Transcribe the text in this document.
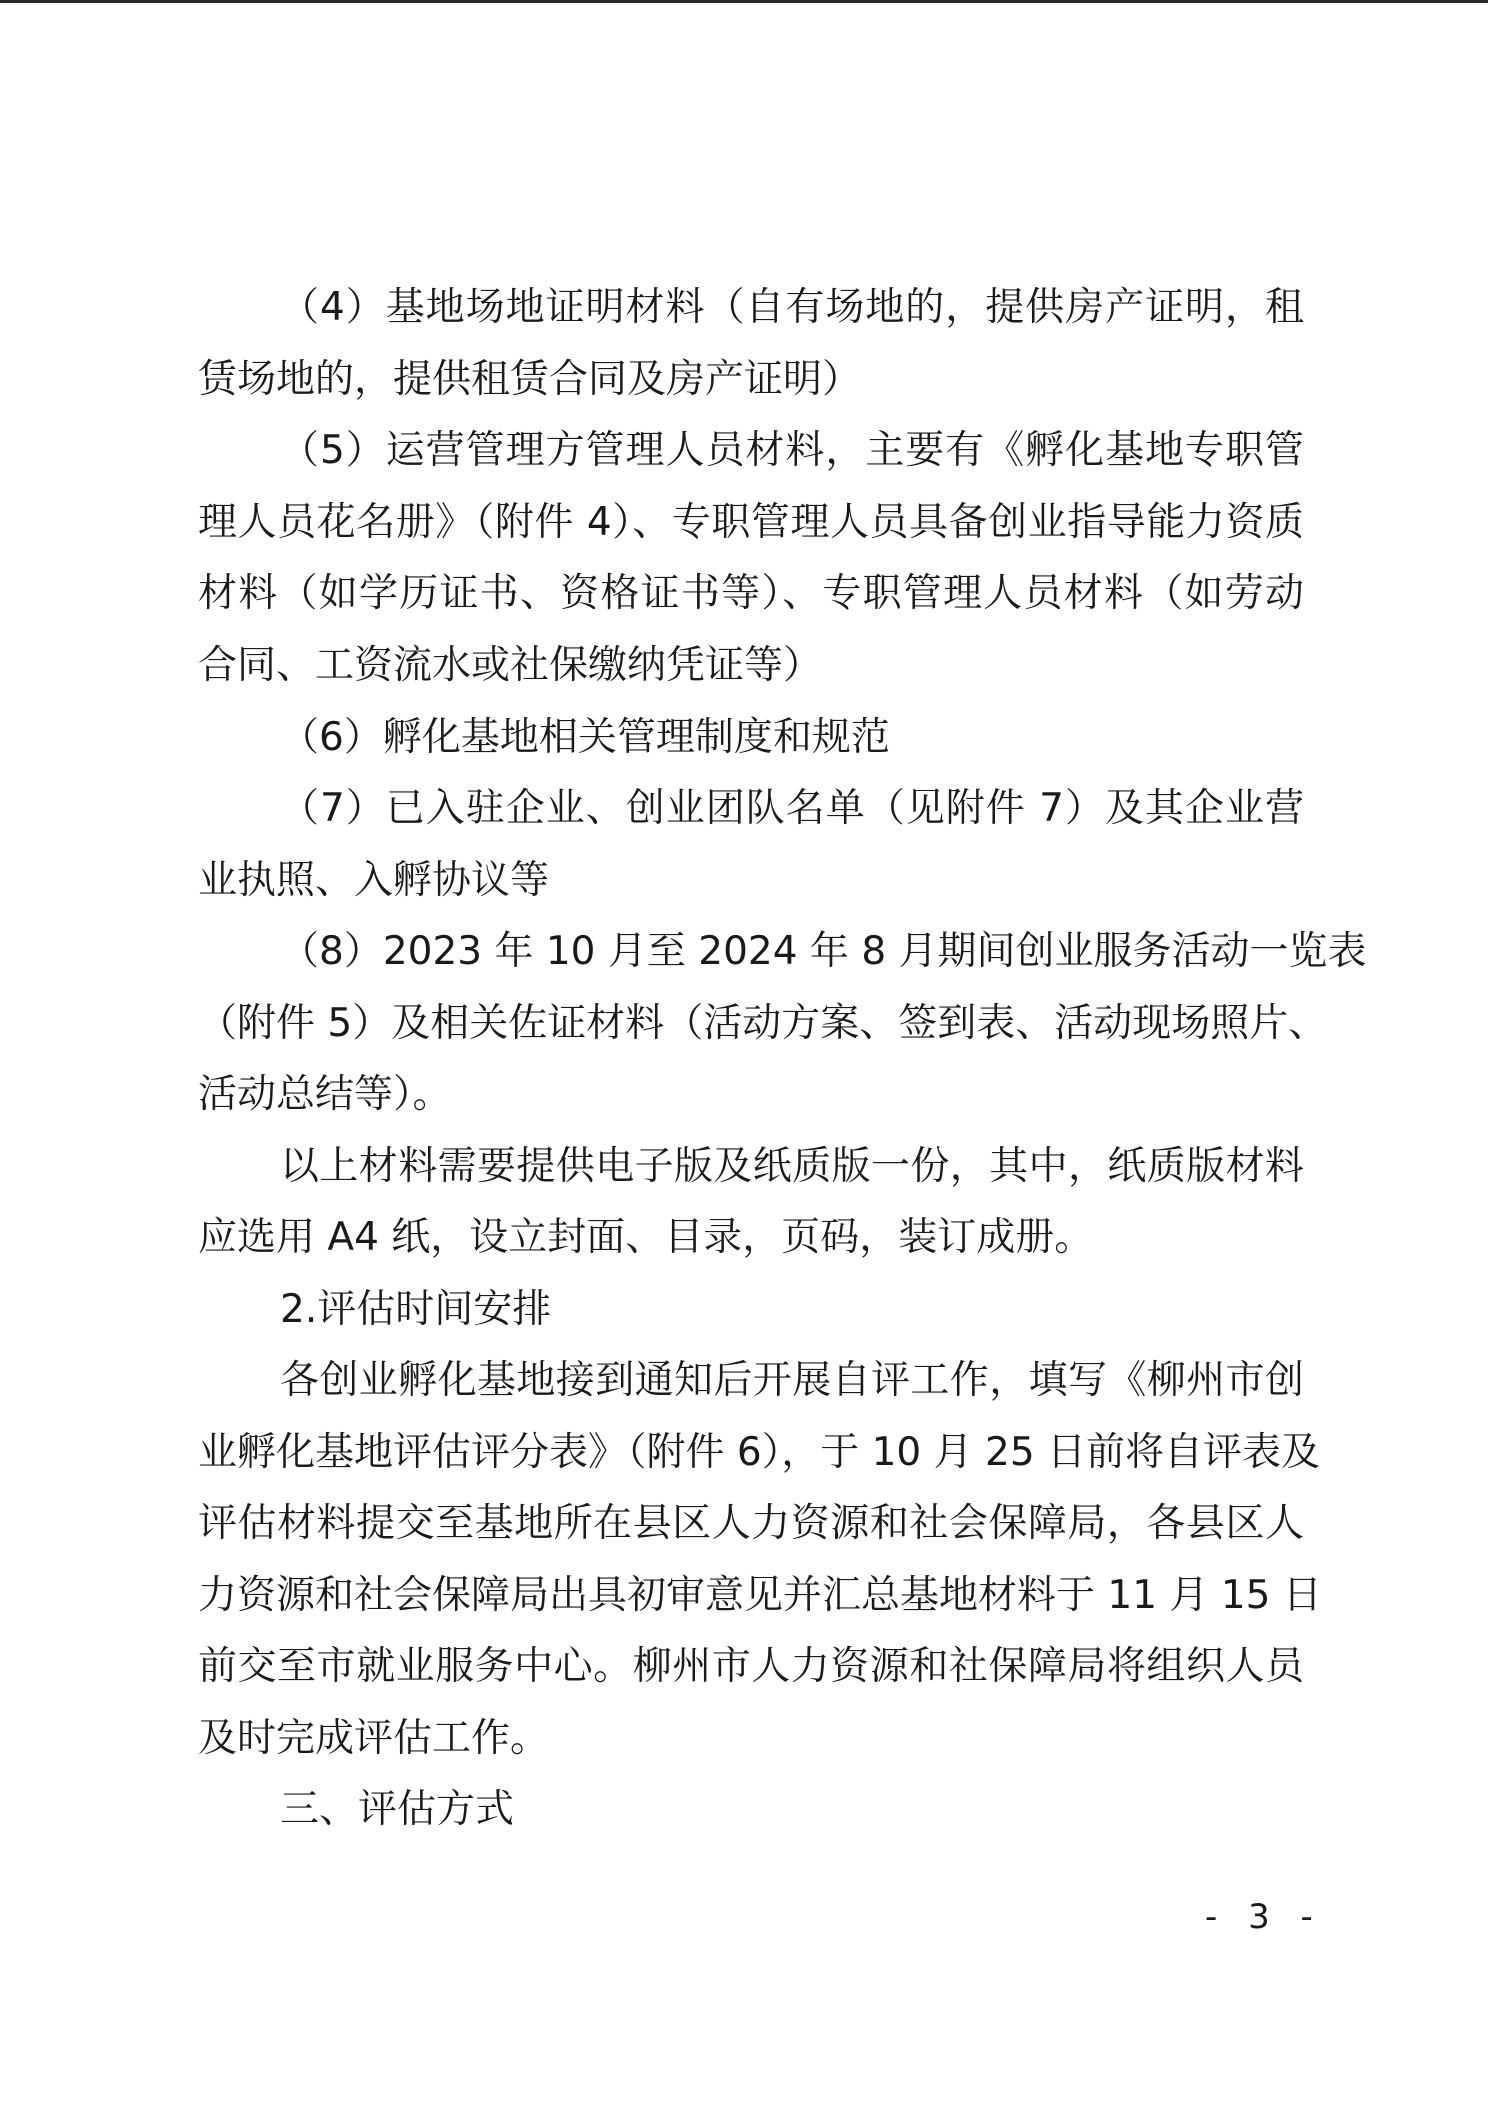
（4）基地场地证明材料（自有场地的，提供房产证明，租
赁场地的，提供租赁合同及房产证明）
（5）运营管理方管理人员材料，主要有《孵化基地专职管
理人员花名册》（附件 4）、专职管理人员具备创业指导能力资质
材料（如学历证书、资格证书等）、专职管理人员材料（如劳动
合同、工资流水或社保缴纳凭证等）
（6）孵化基地相关管理制度和规范
（7）已入驻企业、创业团队名单（见附件 7）及其企业营
业执照、入孵协议等
（8）2023 年 10 月至 2024 年 8 月期间创业服务活动一览表
（附件 5）及相关佐证材料（活动方案、签到表、活动现场照片、
活动总结等）。
以上材料需要提供电子版及纸质版一份，其中，纸质版材料
应选用 A4 纸，设立封面、目录，页码，装订成册。
2.评估时间安排
各创业孵化基地接到通知后开展自评工作，填写《柳州市创
业孵化基地评估评分表》（附件 6），于 10 月 25 日前将自评表及
评估材料提交至基地所在县区人力资源和社会保障局，各县区人
力资源和社会保障局出具初审意见并汇总基地材料于 11 月 15 日
前交至市就业服务中心。柳州市人力资源和社保障局将组织人员
及时完成评估工作。
三、评估方式
- 3 -
